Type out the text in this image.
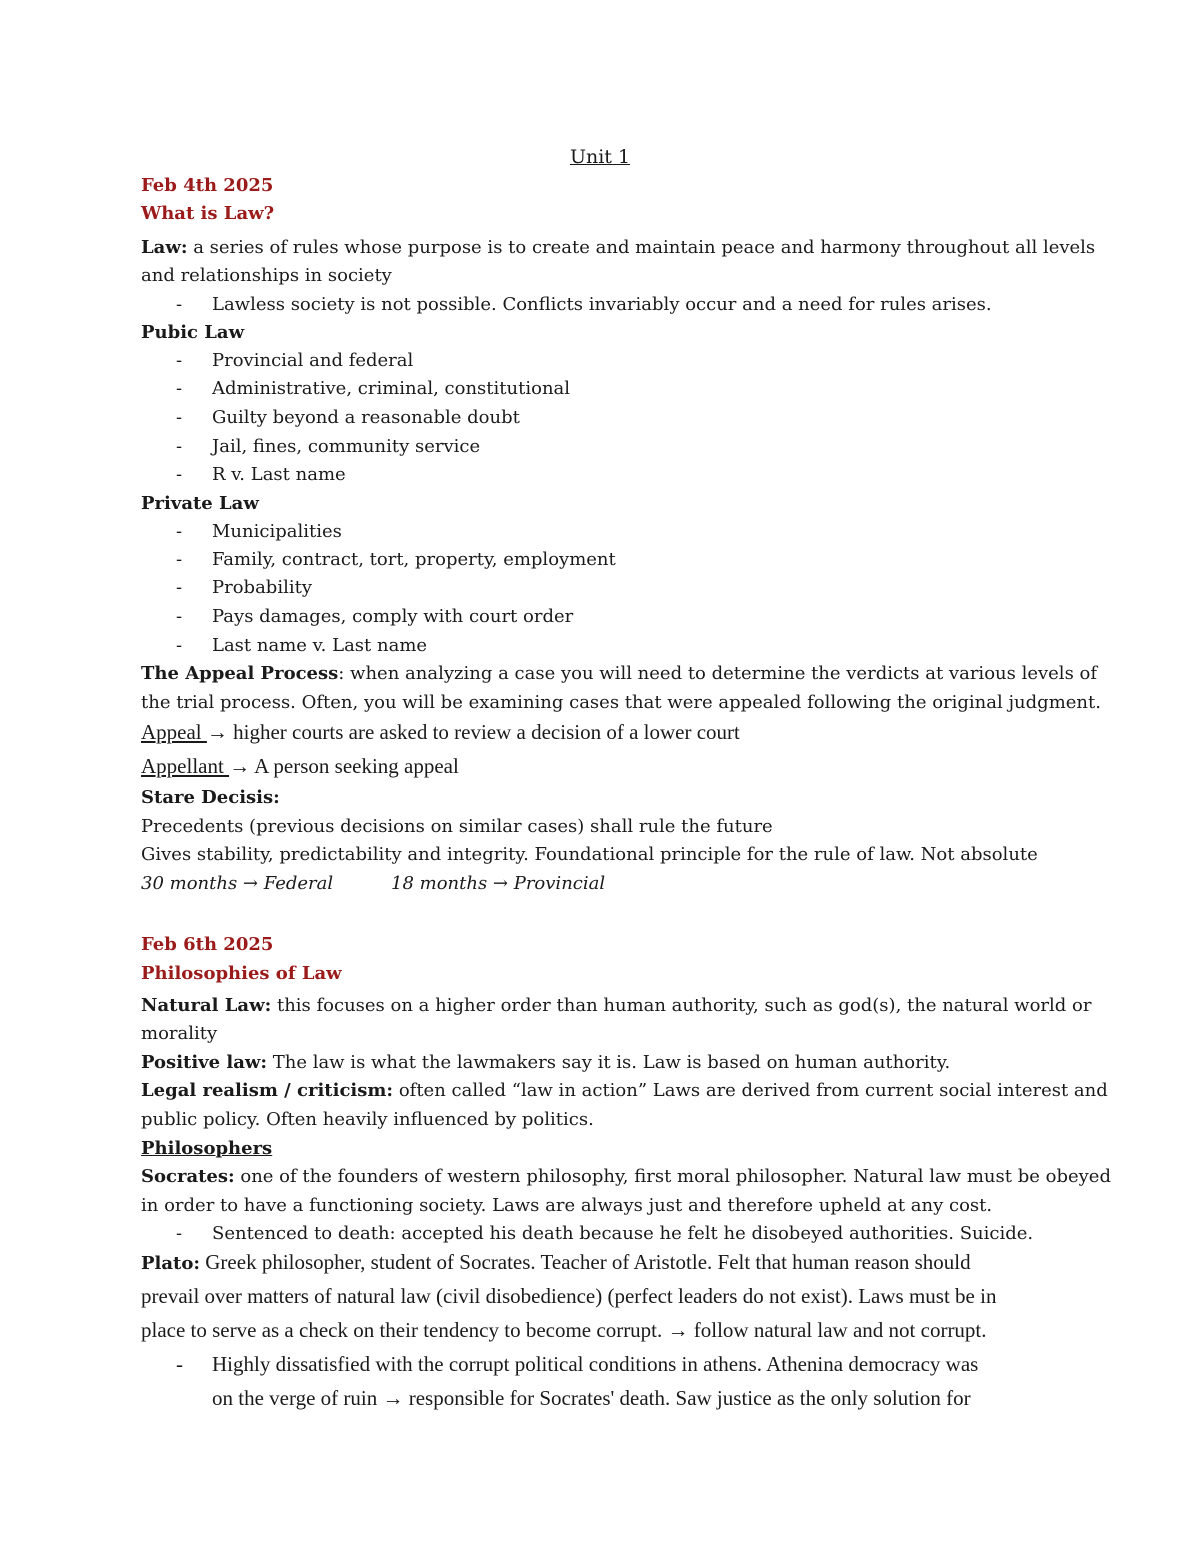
Unit 1
Feb 4th 2025
What is Law?
Law: a series of rules whose purpose is to create and maintain peace and harmony throughout all levels
and relationships in society
- Lawless society is not possible. Conflicts invariably occur and a need for rules arises.
Pubic Law
- Provincial and federal
- Administrative, criminal, constitutional
- Guilty beyond a reasonable doubt
- Jail, fines, community service
- R v. Last name
Private Law
- Municipalities
- Family, contract, tort, property, employment
- Probability
- Pays damages, comply with court order
- Last name v. Last name
The Appeal Process: when analyzing a case you will need to determine the verdicts at various levels of
the trial process. Often, you will be examining cases that were appealed following the original judgment.
Appeal → higher courts are asked to review a decision of a lower court
Appellant → A person seeking appeal
Stare Decisis:
Precedents (previous decisions on similar cases) shall rule the future
Gives stability, predictability and integrity. Foundational principle for the rule of law. Not absolute
30 months → Federal	18 months → Provincial
Feb 6th 2025
Philosophies of Law
Natural Law: this focuses on a higher order than human authority, such as god(s), the natural world or
morality
Positive law: The law is what the lawmakers say it is. Law is based on human authority.
Legal realism / criticism: often called “law in action” Laws are derived from current social interest and
public policy. Often heavily influenced by politics.
Philosophers
Socrates: one of the founders of western philosophy, first moral philosopher. Natural law must be obeyed
in order to have a functioning society. Laws are always just and therefore upheld at any cost.
- Sentenced to death: accepted his death because he felt he disobeyed authorities. Suicide.
Plato: Greek philosopher, student of Socrates. Teacher of Aristotle. Felt that human reason should
prevail over matters of natural law (civil disobedience) (perfect leaders do not exist). Laws must be in
place to serve as a check on their tendency to become corrupt. → follow natural law and not corrupt.
- Highly dissatisfied with the corrupt political conditions in athens. Athenina democracy was
on the verge of ruin → responsible for Socrates' death. Saw justice as the only solution for
